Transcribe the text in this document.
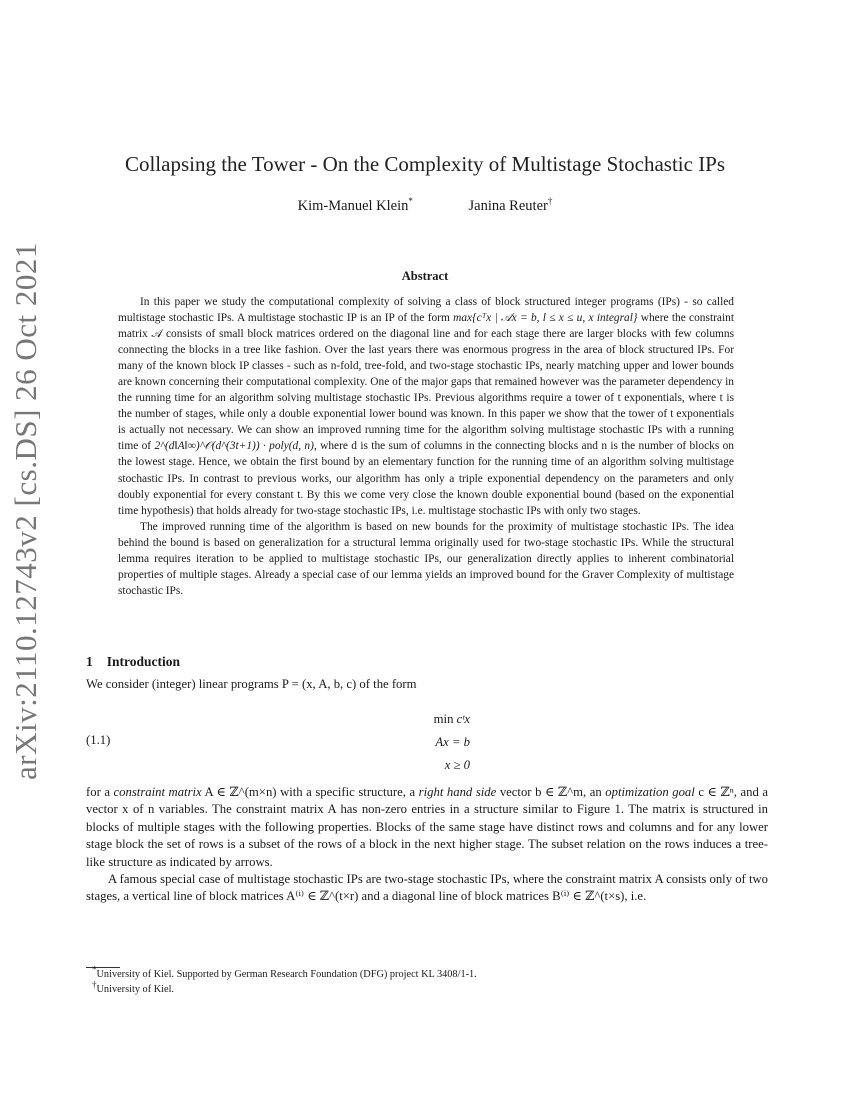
arXiv:2110.12743v2 [cs.DS] 26 Oct 2021
Collapsing the Tower - On the Complexity of Multistage Stochastic IPs
Kim-Manuel Klein*	Janina Reuter†
Abstract

In this paper we study the computational complexity of solving a class of block structured integer programs (IPs) - so called multistage stochastic IPs. A multistage stochastic IP is an IP of the form max{cᵀx | 𝒜x = b, l ≤ x ≤ u, x integral} where the constraint matrix 𝒜 consists of small block matrices ordered on the diagonal line and for each stage there are larger blocks with few columns connecting the blocks in a tree like fashion. Over the last years there was enormous progress in the area of block structured IPs. For many of the known block IP classes - such as n-fold, tree-fold, and two-stage stochastic IPs, nearly matching upper and lower bounds are known concerning their computational complexity. One of the major gaps that remained however was the parameter dependency in the running time for an algorithm solving multistage stochastic IPs. Previous algorithms require a tower of t exponentials, where t is the number of stages, while only a double exponential lower bound was known. In this paper we show that the tower of t exponentials is actually not necessary. We can show an improved running time for the algorithm solving multistage stochastic IPs with a running time of 2^(d‖A‖∞)^𝒪(d^(3t+1)) · poly(d, n), where d is the sum of columns in the connecting blocks and n is the number of blocks on the lowest stage. Hence, we obtain the first bound by an elementary function for the running time of an algorithm solving multistage stochastic IPs. In contrast to previous works, our algorithm has only a triple exponential dependency on the parameters and only doubly exponential for every constant t. By this we come very close the known double exponential bound (based on the exponential time hypothesis) that holds already for two-stage stochastic IPs, i.e. multistage stochastic IPs with only two stages.

The improved running time of the algorithm is based on new bounds for the proximity of multistage stochastic IPs. The idea behind the bound is based on generalization for a structural lemma originally used for two-stage stochastic IPs. While the structural lemma requires iteration to be applied to multistage stochastic IPs, our generalization directly applies to inherent combinatorial properties of multiple stages. Already a special case of our lemma yields an improved bound for the Graver Complexity of multistage stochastic IPs.

1 Introduction
We consider (integer) linear programs P = (x, A, b, c) of the form
(1.1)
min cᵗx
Ax = b
x ≥ 0

for a constraint matrix A ∈ ℤ^(m×n) with a specific structure, a right hand side vector b ∈ ℤ^m, an optimization goal c ∈ ℤⁿ, and a vector x of n variables. The constraint matrix A has non-zero entries in a structure similar to Figure 1. The matrix is structured in blocks of multiple stages with the following properties. Blocks of the same stage have distinct rows and columns and for any lower stage block the set of rows is a subset of the rows of a block in the next higher stage. The subset relation on the rows induces a tree-like structure as indicated by arrows.

A famous special case of multistage stochastic IPs are two-stage stochastic IPs, where the constraint matrix A consists only of two stages, a vertical line of block matrices A⁽ⁱ⁾ ∈ ℤ^(t×r) and a diagonal line of block matrices B⁽ⁱ⁾ ∈ ℤ^(t×s), i.e.

*University of Kiel. Supported by German Research Foundation (DFG) project KL 3408/1-1.
†University of Kiel.
